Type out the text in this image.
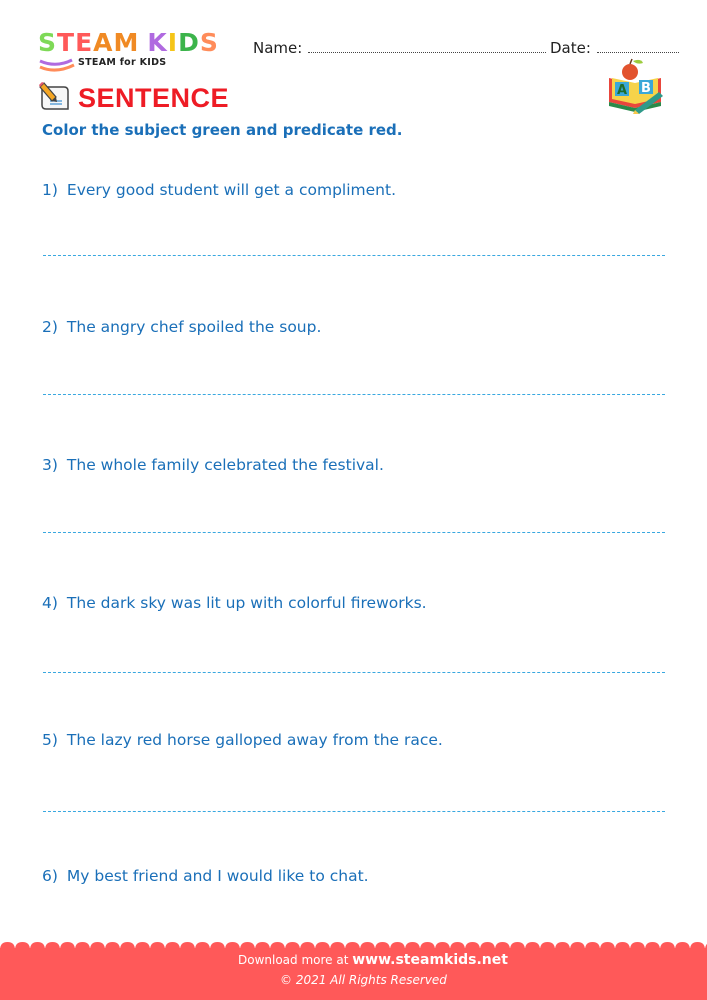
STEAM KIDS
STEAM for KIDS
Name:	Date:
A B
SENTENCE
Color the subject green and predicate red.
1) Every good student will get a compliment.
2) The angry chef spoiled the soup.
3) The whole family celebrated the festival.
4) The dark sky was lit up with colorful fireworks.
5) The lazy red horse galloped away from the race.
6) My best friend and I would like to chat.
Download more at www.steamkids.net
© 2021 All Rights Reserved
